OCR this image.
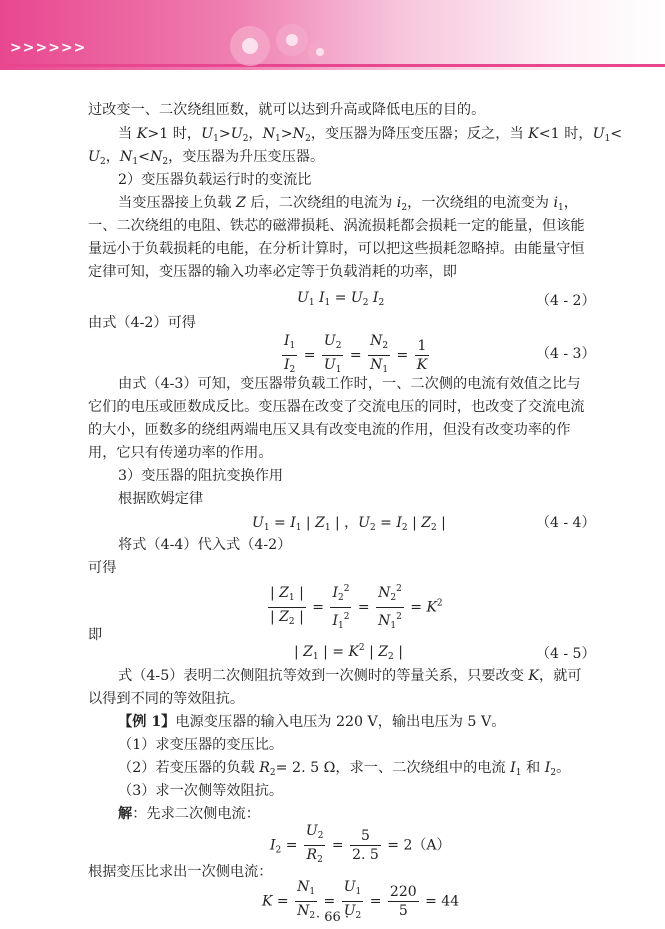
>>>>>>
过改变一、二次绕组匝数，就可以达到升高或降低电压的目的。
当 K>1 时，$U_1>U_2$，$N_1>N_2$，变压器为降压变压器；反之，当 K<1 时，$U_1<$
$U_2$，$N_1<N_2$，变压器为升压变压器。
2）变压器负载运行时的变流比
当变压器接上负载 Z 后，二次绕组的电流为 $i_2$，一次绕组的电流变为 $i_1$，
一、二次绕组的电阻、铁芯的磁滞损耗、涡流损耗都会损耗一定的能量，但该能
量远小于负载损耗的电能，在分析计算时，可以把这些损耗忽略掉。由能量守恒
定律可知，变压器的输入功率必定等于负载消耗的功率，即
$U_1$ $I_1 = U_2$ $I_2$	（4 - 2）
由式（4-2）可得
$\frac{I_1}{I_2} = \frac{U_2}{U_1} = \frac{N_2}{N_1} = \frac{1}{K}$	（4 - 3）
由式（4-3）可知，变压器带负载工作时，一、二次侧的电流有效值之比与
它们的电压或匝数成反比。变压器在改变了交流电压的同时，也改变了交流电流
的大小，匝数多的绕组两端电压又具有改变电流的作用，但没有改变功率的作
用，它只有传递功率的作用。
3）变压器的阻抗变换作用
根据欧姆定律
$U_1 = I_1$ | $Z_1$ | ，$U_2 = I_2$ | $Z_2$ |	（4 - 4）
将式（4-4）代入式（4-2）
可得
$\frac{| Z_1 |}{| Z_2 |} = \frac{I_2^2}{I_1^2} = \frac{N_2^2}{N_1^2} = K^2$
即
| $Z_1$ | = $K^2$ | $Z_2$ |	（4 - 5）
式（4-5）表明二次侧阻抗等效到一次侧时的等量关系，只要改变 K，就可
以得到不同的等效阻抗。
【例 1】电源变压器的输入电压为 220 V，输出电压为 5 V。
（1）求变压器的变压比。
（2）若变压器的负载 $R_2= 2$. 5 Ω，求一、二次绕组中的电流 $I_1$ 和 $I_2$。
（3）求一次侧等效阻抗。
解：先求二次侧电流：
$I_2 = \frac{U_2}{R_2} = \frac{5}{2. 5} = 2(A)$
根据变压比求出一次侧电流：
$K = \frac{N_1}{N_2} = \frac{U_1}{U_2} = \frac{220}{5} = 44$
· 66 ·
